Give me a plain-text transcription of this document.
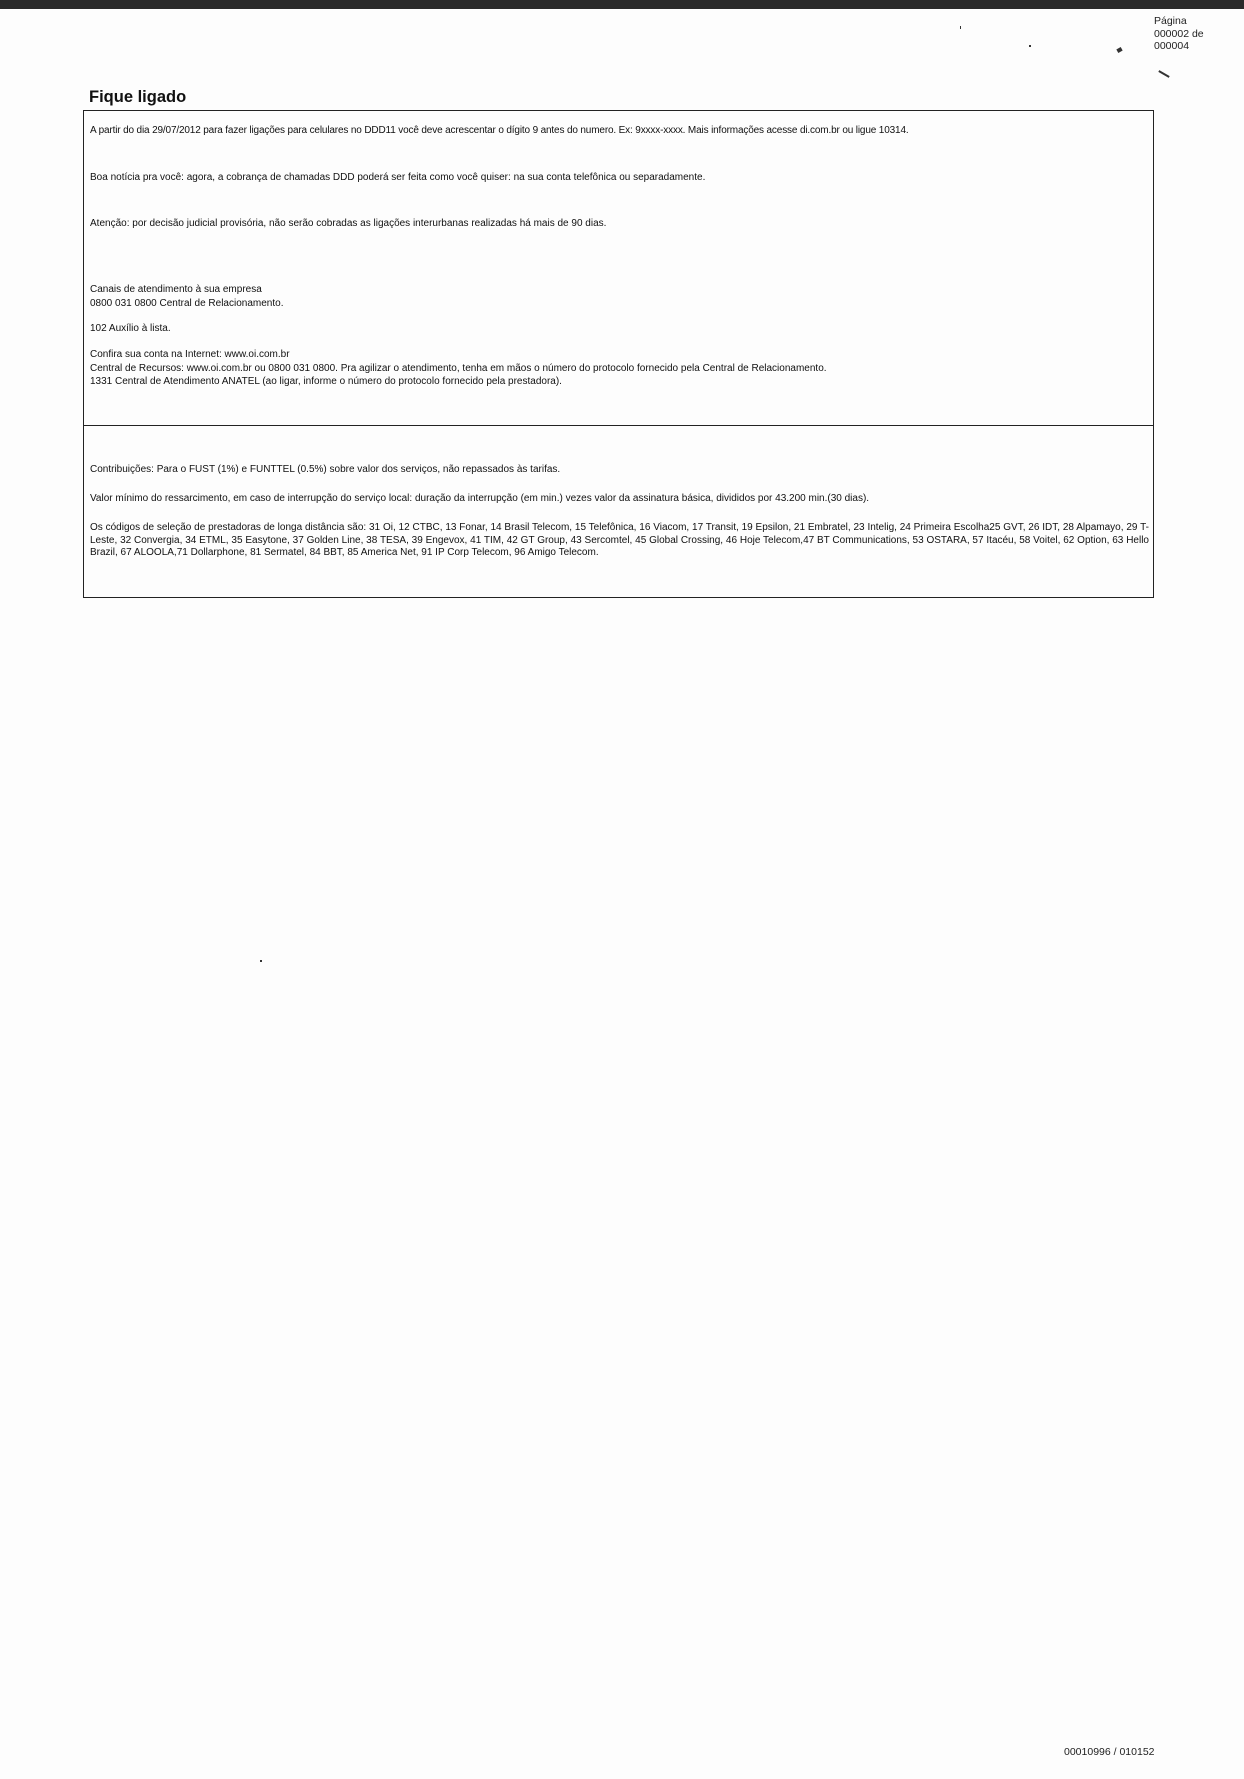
Página
000002 de
000004
Fique ligado

A partir do dia 29/07/2012 para fazer ligações para celulares no DDD11 você deve acrescentar o dígito 9 antes do numero. Ex: 9xxxx-xxxx. Mais informações acesse di.com.br ou ligue 10314.

Boa notícia pra você: agora, a cobrança de chamadas DDD poderá ser feita como você quiser: na sua conta telefônica ou separadamente.

Atenção: por decisão judicial provisória, não serão cobradas as ligações interurbanas realizadas há mais de 90 dias.

Canais de atendimento à sua empresa

0800 031 0800 Central de Relacionamento.

102 Auxílio à lista.

Confira sua conta na Internet: www.oi.com.br

Central de Recursos: www.oi.com.br ou 0800 031 0800. Pra agilizar o atendimento, tenha em mãos o número do protocolo fornecido pela Central de Relacionamento.

1331 Central de Atendimento ANATEL (ao ligar, informe o número do protocolo fornecido pela prestadora).

Contribuições: Para o FUST (1%) e FUNTTEL (0.5%) sobre valor dos serviços, não repassados às tarifas.

Valor mínimo do ressarcimento, em caso de interrupção do serviço local: duração da interrupção (em min.) vezes valor da assinatura básica, divididos por 43.200 min.(30 dias).

Os códigos de seleção de prestadoras de longa distância são: 31 Oi, 12 CTBC, 13 Fonar, 14 Brasil Telecom, 15 Telefônica, 16 Viacom, 17 Transit, 19 Epsilon, 21 Embratel, 23 Intelig, 24 Primeira Escolha25 GVT, 26 IDT, 28 Alpamayo, 29 T-Leste, 32 Convergia, 34 ETML, 35 Easytone, 37 Golden Line, 38 TESA, 39 Engevox, 41 TIM, 42 GT Group, 43 Sercomtel, 45 Global Crossing, 46 Hoje Telecom,47 BT Communications, 53 OSTARA, 57 Itacéu, 58 Voitel, 62 Option, 63 Hello Brazil, 67 ALOOLA,71 Dollarphone, 81 Sermatel, 84 BBT, 85 America Net, 91 IP Corp Telecom, 96 Amigo Telecom.

00010996 / 010152
